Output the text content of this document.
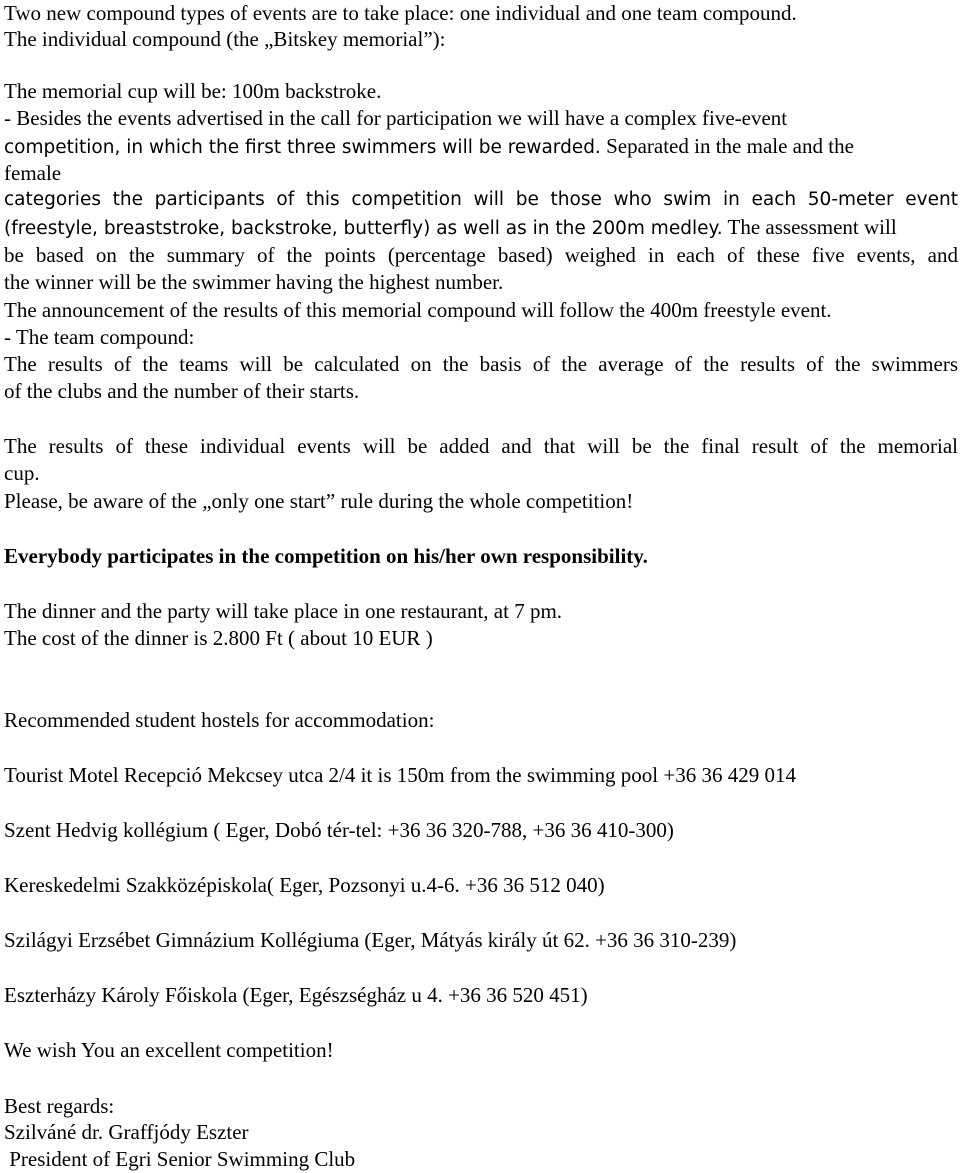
Two new compound types of events are to take place: one individual and one team compound.
The individual compound (the „Bitskey memorial”):
The memorial cup will be: 100m backstroke.
- Besides the events advertised in the call for participation we will have a complex five-event
competition, in which the first three swimmers will be rewarded. Separated in the male and the
female
categories the participants of this competition will be those who swim in each 50-meter event
(freestyle, breaststroke, backstroke, butterfly) as well as in the 200m medley. The assessment will
be based on the summary of the points (percentage based) weighed in each of these five events, and
the winner will be the swimmer having the highest number.
The announcement of the results of this memorial compound will follow the 400m freestyle event.
- The team compound:
The results of the teams will be calculated on the basis of the average of the results of the swimmers
of the clubs and the number of their starts.
The results of these individual events will be added and that will be the final result of the memorial
cup.
Please, be aware of the „only one start” rule during the whole competition!
Everybody participates in the competition on his/her own responsibility.
The dinner and the party will take place in one restaurant, at 7 pm.
The cost of the dinner is 2.800 Ft ( about 10 EUR )
Recommended student hostels for accommodation:
Tourist Motel Recepció Mekcsey utca 2/4 it is 150m from the swimming pool +36 36 429 014
Szent Hedvig kollégium ( Eger, Dobó tér-tel: +36 36 320-788, +36 36 410-300)
Kereskedelmi Szakközépiskola( Eger, Pozsonyi u.4-6. +36 36 512 040)
Szilágyi Erzsébet Gimnázium Kollégiuma (Eger, Mátyás király út 62. +36 36 310-239)
Eszterházy Károly Főiskola (Eger, Egészségház u 4. +36 36 520 451)
We wish You an excellent competition!
Best regards:
Szilváné dr. Graffjódy Eszter
President of Egri Senior Swimming Club
